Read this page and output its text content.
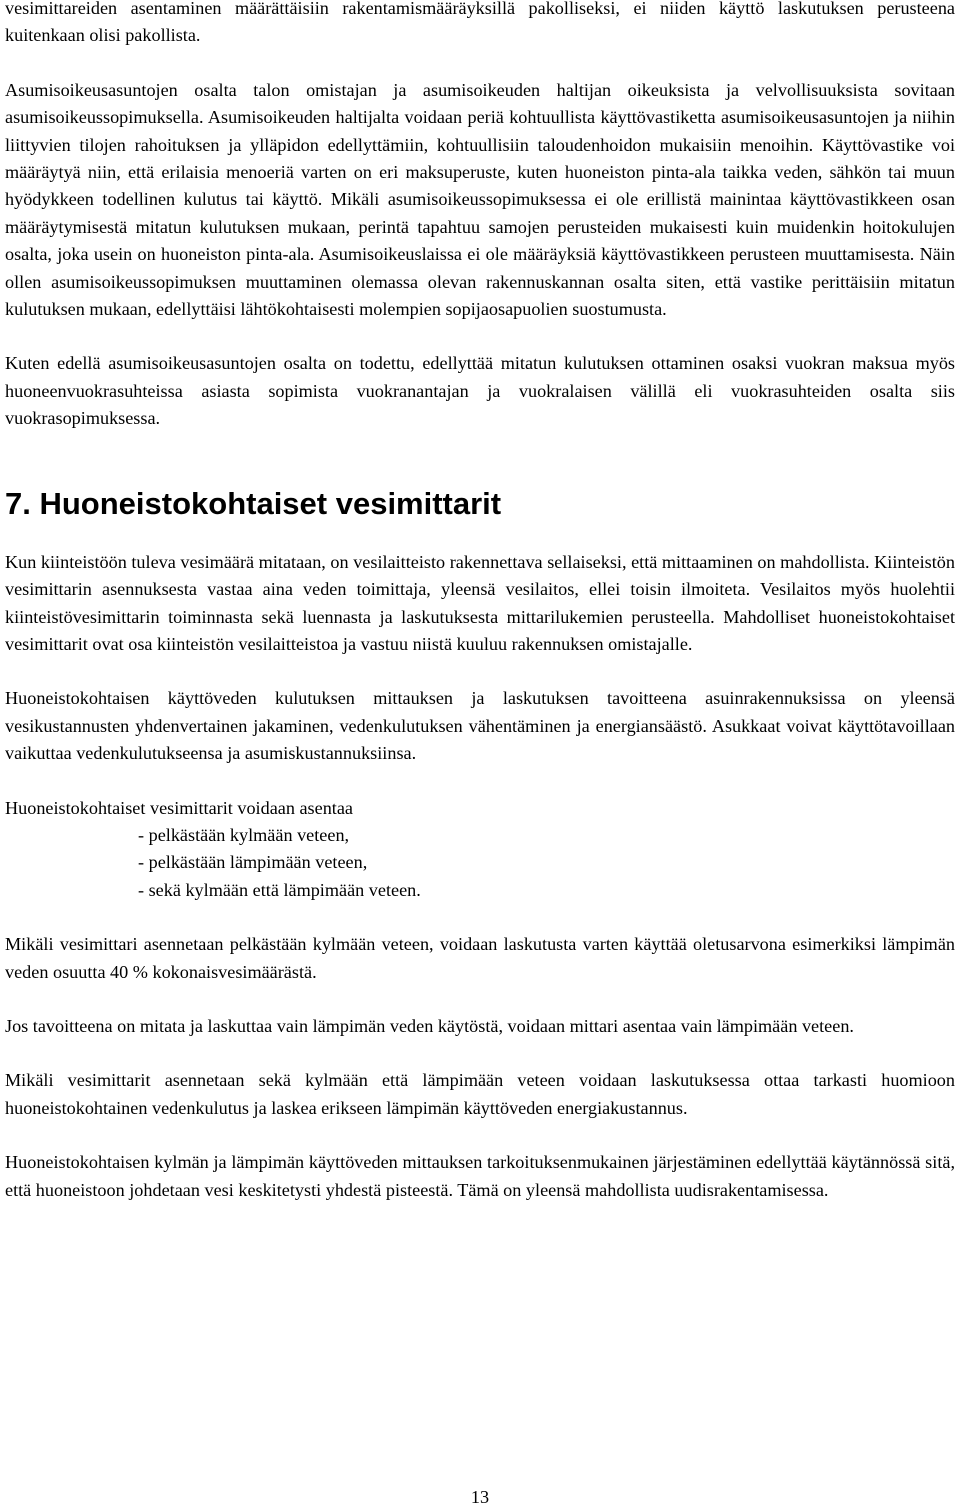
vesimittareiden asentaminen määrättäisiin rakentamismääräyksillä pakolliseksi, ei niiden käyttö laskutuksen perusteena kuitenkaan olisi pakollista.

Asumisoikeusasuntojen osalta talon omistajan ja asumisoikeuden haltijan oikeuksista ja velvollisuuksista sovitaan asumisoikeussopimuksella. Asumisoikeuden haltijalta voidaan periä kohtuullista käyttövastiketta asumisoikeusasuntojen ja niihin liittyvien tilojen rahoituksen ja ylläpidon edellyttämiin, kohtuullisiin taloudenhoidon mukaisiin menoihin. Käyttövastike voi määräytyä niin, että erilaisia menoeriä varten on eri maksuperuste, kuten huoneiston pinta-ala taikka veden, sähkön tai muun hyödykkeen todellinen kulutus tai käyttö. Mikäli asumisoikeussopimuksessa ei ole erillistä mainintaa käyttövastikkeen osan määräytymisestä mitatun kulutuksen mukaan, perintä tapahtuu samojen perusteiden mukaisesti kuin muidenkin hoitokulujen osalta, joka usein on huoneiston pinta-ala. Asumisoikeuslaissa ei ole määräyksiä käyttövastikkeen perusteen muuttamisesta. Näin ollen asumisoikeussopimuksen muuttaminen olemassa olevan rakennuskannan osalta siten, että vastike perittäisiin mitatun kulutuksen mukaan, edellyttäisi lähtökohtaisesti molempien sopijaosapuolien suostumusta.

Kuten edellä asumisoikeusasuntojen osalta on todettu, edellyttää mitatun kulutuksen ottaminen osaksi vuokran maksua myös huoneenvuokrasuhteissa asiasta sopimista vuokranantajan ja vuokralaisen välillä eli vuokrasuhteiden osalta siis vuokrasopimuksessa.

7. Huoneistokohtaiset vesimittarit

Kun kiinteistöön tuleva vesimäärä mitataan, on vesilaitteisto rakennettava sellaiseksi, että mittaaminen on mahdollista. Kiinteistön vesimittarin asennuksesta vastaa aina veden toimittaja, yleensä vesilaitos, ellei toisin ilmoiteta. Vesilaitos myös huolehtii kiinteistövesimittarin toiminnasta sekä luennasta ja laskutuksesta mittarilukemien perusteella. Mahdolliset huoneistokohtaiset vesimittarit ovat osa kiinteistön vesilaitteistoa ja vastuu niistä kuuluu rakennuksen omistajalle.

Huoneistokohtaisen käyttöveden kulutuksen mittauksen ja laskutuksen tavoitteena asuinrakennuksissa on yleensä vesikustannusten yhdenvertainen jakaminen, vedenkulutuksen vähentäminen ja energiansäästö. Asukkaat voivat käyttötavoillaan vaikuttaa vedenkulutukseensa ja asumiskustannuksiinsa.

Huoneistokohtaiset vesimittarit voidaan asentaa

- pelkästään kylmään veteen,
- pelkästään lämpimään veteen,
- sekä kylmään että lämpimään veteen.

Mikäli vesimittari asennetaan pelkästään kylmään veteen, voidaan laskutusta varten käyttää oletusarvona esimerkiksi lämpimän veden osuutta 40 % kokonaisvesimäärästä.

Jos tavoitteena on mitata ja laskuttaa vain lämpimän veden käytöstä, voidaan mittari asentaa vain lämpimään veteen.

Mikäli vesimittarit asennetaan sekä kylmään että lämpimään veteen voidaan laskutuksessa ottaa tarkasti huomioon huoneistokohtainen vedenkulutus ja laskea erikseen lämpimän käyttöveden energiakustannus.

Huoneistokohtaisen kylmän ja lämpimän käyttöveden mittauksen tarkoituksenmukainen järjestäminen edellyttää käytännössä sitä, että huoneistoon johdetaan vesi keskitetysti yhdestä pisteestä. Tämä on yleensä mahdollista uudisrakentamisessa.

13
